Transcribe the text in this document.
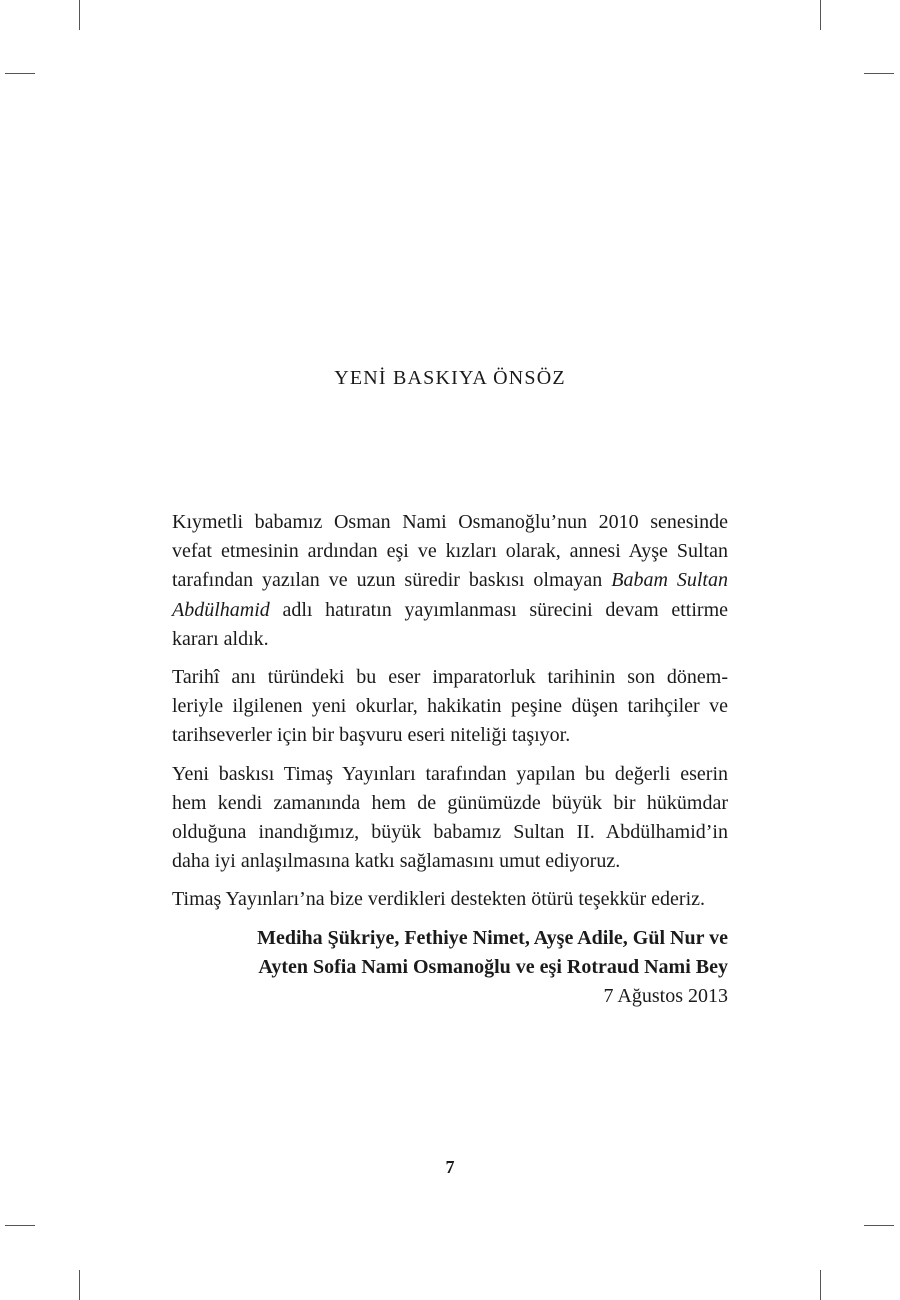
YENİ BASKIYA ÖNSÖZ

Kıymetli babamız Osman Nami Osmanoğlu’nun 2010 senesinde
vefat etmesinin ardından eşi ve kızları olarak, annesi Ayşe Sultan
tarafından yazılan ve uzun süredir baskısı olmayan Babam Sultan
Abdülhamid adlı hatıratın yayımlanması sürecini devam ettirme
kararı aldık.

Tarihî anı türündeki bu eser imparatorluk tarihinin son dönem-
leriyle ilgilenen yeni okurlar, hakikatin peşine düşen tarihçiler ve
tarihseverler için bir başvuru eseri niteliği taşıyor.

Yeni baskısı Timaş Yayınları tarafından yapılan bu değerli eserin
hem kendi zamanında hem de günümüzde büyük bir hükümdar
olduğuna inandığımız, büyük babamız Sultan II. Abdülhamid’in
daha iyi anlaşılmasına katkı sağlamasını umut ediyoruz.

Timaş Yayınları’na bize verdikleri destekten ötürü teşekkür ederiz.

Mediha Şükriye, Fethiye Nimet, Ayşe Adile, Gül Nur ve
Ayten Sofia Nami Osmanoğlu ve eşi Rotraud Nami Bey

7 Ağustos 2013

7
